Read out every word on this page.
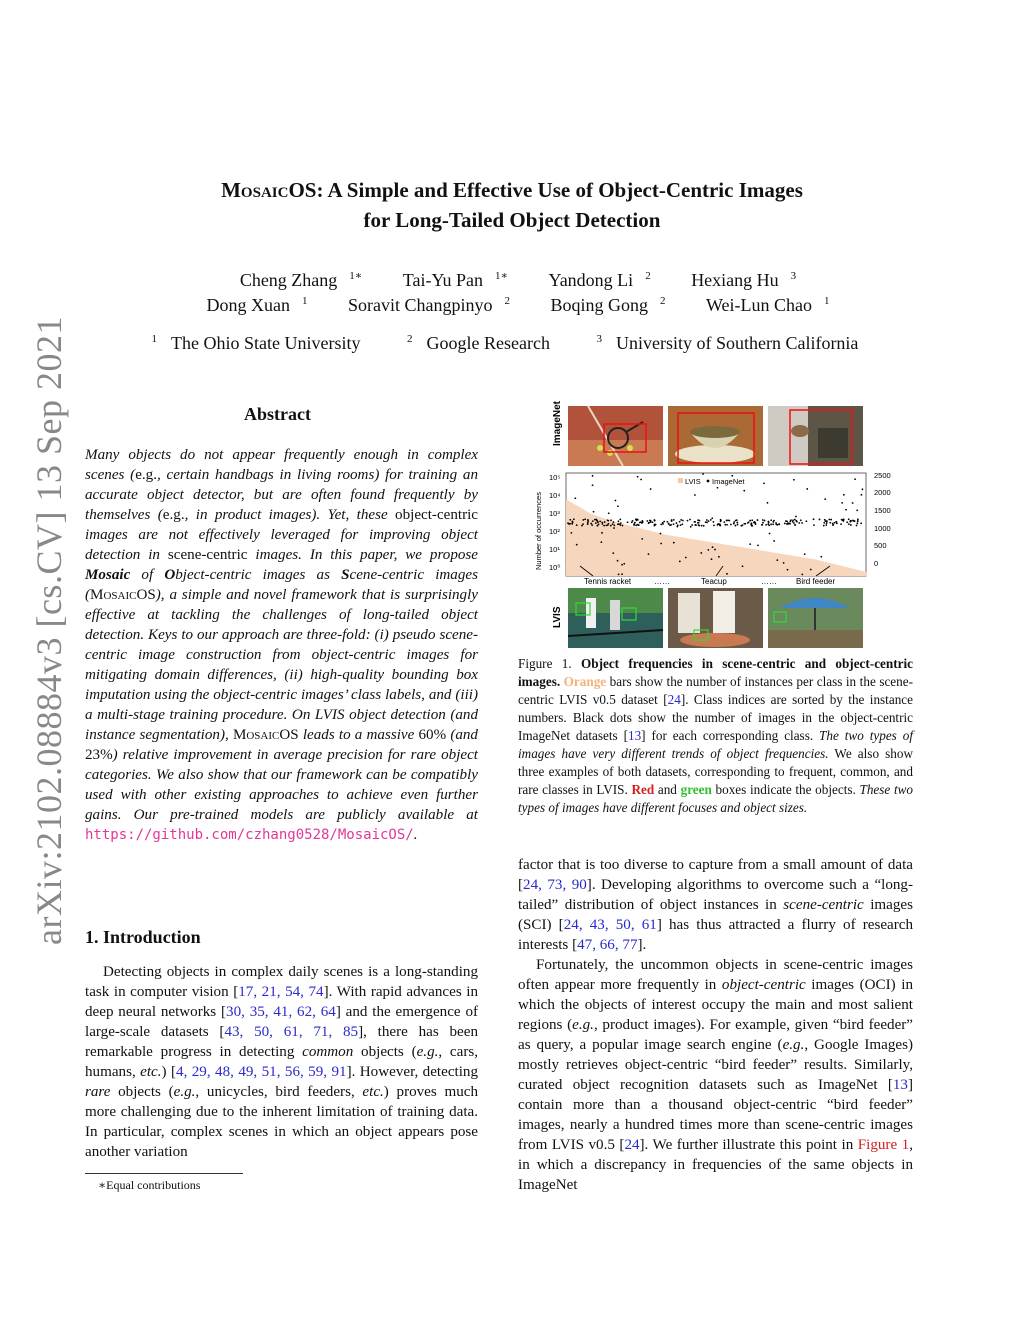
arXiv:2102.08884v3 [cs.CV] 13 Sep 2021
MosaicOS: A Simple and Effective Use of Object-Centric Images
for Long-Tailed Object Detection
Cheng Zhang $^{1∗}$ Tai-Yu Pan $^{1∗}$ Yandong Li $^2$ Hexiang Hu $^3$
Dong Xuan $^1$ Soravit Changpinyo $^2$ Boqing Gong $^2$ Wei-Lun Chao $^1$
$^1$ The Ohio State University	$^2$ Google Research	$^3$ University of Southern California
Abstract

Many objects do not appear frequently enough in complex scenes (e.g., certain handbags in living rooms) for training an accurate object detector, but are often found frequently by themselves (e.g., in product images). Yet, these object-centric images are not effectively leveraged for improving object detection in scene-centric images. In this paper, we propose Mosaic of Object-centric images as Scene-centric images (MosaicOS), a simple and novel framework that is surprisingly effective at tackling the challenges of long-tailed object detection. Keys to our approach are three-fold: (i) pseudo scene-centric image construction from object-centric images for mitigating domain differences, (ii) high-quality bounding box imputation using the object-centric images’ class labels, and (iii) a multi-stage training procedure. On LVIS object detection (and instance segmentation), MosaicOS leads to a massive 60% (and 23%) relative improvement in average precision for rare object categories. We also show that our framework can be compatibly used with other existing approaches to achieve even further gains. Our pre-trained models are publicly available at https://github.com/czhang0528/MosaicOS/.

1. Introduction

Detecting objects in complex daily scenes is a long-standing task in computer vision [17, 21, 54, 74]. With rapid advances in deep neural networks [30, 35, 41, 62, 64] and the emergence of large-scale datasets [43, 50, 61, 71, 85], there has been remarkable progress in detecting common objects (e.g., cars, humans, etc.) [4, 29, 48, 49, 51, 56, 59, 91]. However, detecting rare objects (e.g., unicycles, bird feeders, etc.) proves much more challenging due to the inherent limitation of training data. In particular, complex scenes in which an object appears pose another variation

∗Equal contributions
ImageNet
LVIS
LVIS ImageNet
Number of occurrences
10⁵
10⁴
10³
10²
10¹
10⁰
2500
2000
1500
1000
500
0
Tennis racket	……	Teacup	…… Bird feeder
Figure 1. Object frequencies in scene-centric and object-centric images. Orange bars show the number of instances per class in the scene-centric LVIS v0.5 dataset [24]. Class indices are sorted by the instance numbers. Black dots show the number of images in the object-centric ImageNet datasets [13] for each corresponding class. The two types of images have very different trends of object frequencies. We also show three examples of both datasets, corresponding to frequent, common, and rare classes in LVIS. Red and green boxes indicate the objects. These two types of images have different focuses and object sizes.

factor that is too diverse to capture from a small amount of data [24, 73, 90]. Developing algorithms to overcome such a “long-tailed” distribution of object instances in scene-centric images (SCI) [24, 43, 50, 61] has thus attracted a flurry of research interests [47, 66, 77].

Fortunately, the uncommon objects in scene-centric images often appear more frequently in object-centric images (OCI) in which the objects of interest occupy the main and most salient regions (e.g., product images). For example, given “bird feeder” as query, a popular image search engine (e.g., Google Images) mostly retrieves object-centric “bird feeder” results. Similarly, curated object recognition datasets such as ImageNet [13] contain more than a thousand object-centric “bird feeder” images, nearly a hundred times more than scene-centric images from LVIS v0.5 [24]. We further illustrate this point in Figure 1, in which a discrepancy in frequencies of the same objects in ImageNet
